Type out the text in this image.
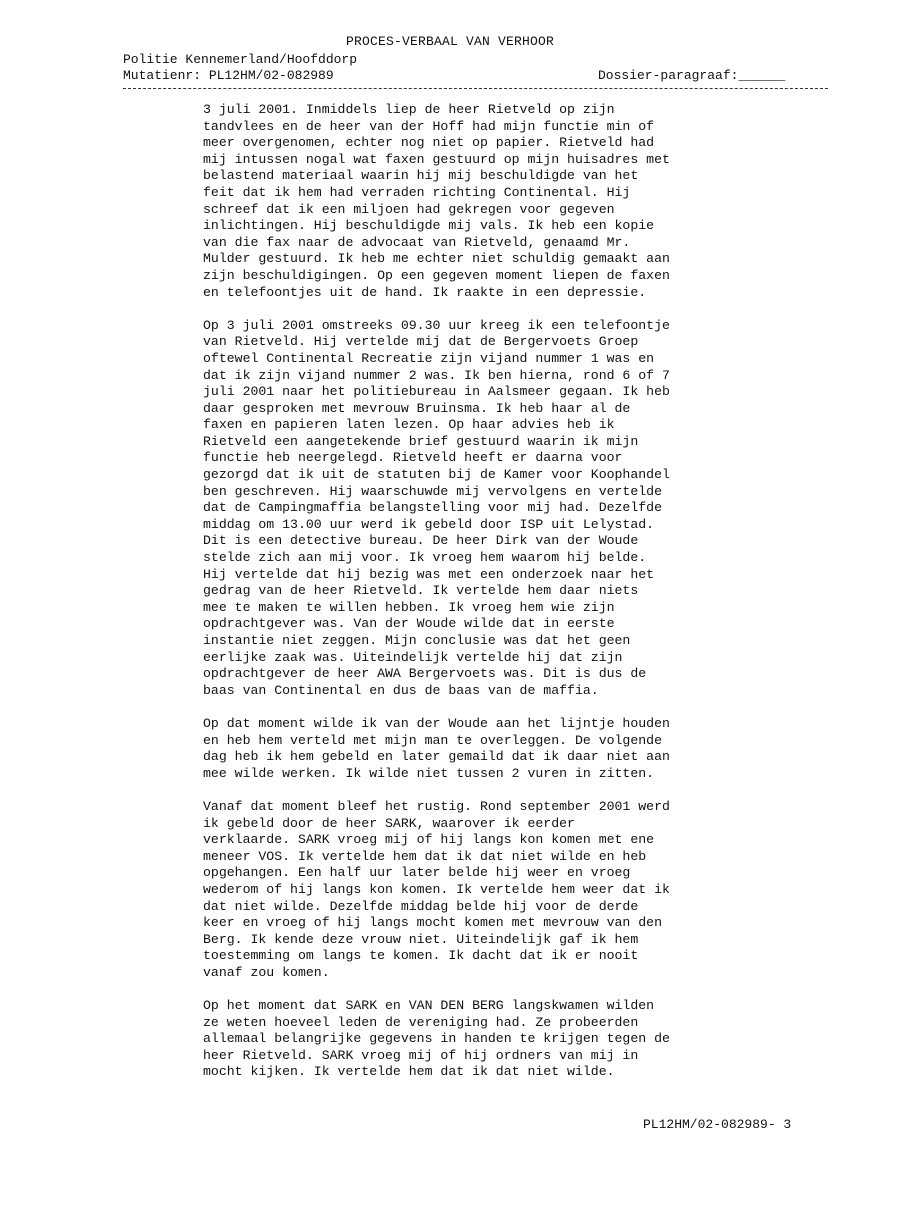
PROCES-VERBAAL VAN VERHOOR
Politie Kennemerland/Hoofddorp
Mutatienr: PL12HM/02-082989	Dossier-paragraaf:______
3 juli 2001. Inmiddels liep de heer Rietveld op zijn
tandvlees en de heer van der Hoff had mijn functie min of
meer overgenomen, echter nog niet op papier. Rietveld had
mij intussen nogal wat faxen gestuurd op mijn huisadres met
belastend materiaal waarin hij mij beschuldigde van het
feit dat ik hem had verraden richting Continental. Hij
schreef dat ik een miljoen had gekregen voor gegeven
inlichtingen. Hij beschuldigde mij vals. Ik heb een kopie
van die fax naar de advocaat van Rietveld, genaamd Mr.
Mulder gestuurd. Ik heb me echter niet schuldig gemaakt aan
zijn beschuldigingen. Op een gegeven moment liepen de faxen
en telefoontjes uit de hand. Ik raakte in een depressie.
Op 3 juli 2001 omstreeks 09.30 uur kreeg ik een telefoontje
van Rietveld. Hij vertelde mij dat de Bergervoets Groep
oftewel Continental Recreatie zijn vijand nummer 1 was en
dat ik zijn vijand nummer 2 was. Ik ben hierna, rond 6 of 7
juli 2001 naar het politiebureau in Aalsmeer gegaan. Ik heb
daar gesproken met mevrouw Bruinsma. Ik heb haar al de
faxen en papieren laten lezen. Op haar advies heb ik
Rietveld een aangetekende brief gestuurd waarin ik mijn
functie heb neergelegd. Rietveld heeft er daarna voor
gezorgd dat ik uit de statuten bij de Kamer voor Koophandel
ben geschreven. Hij waarschuwde mij vervolgens en vertelde
dat de Campingmaffia belangstelling voor mij had. Dezelfde
middag om 13.00 uur werd ik gebeld door ISP uit Lelystad.
Dit is een detective bureau. De heer Dirk van der Woude
stelde zich aan mij voor. Ik vroeg hem waarom hij belde.
Hij vertelde dat hij bezig was met een onderzoek naar het
gedrag van de heer Rietveld. Ik vertelde hem daar niets
mee te maken te willen hebben. Ik vroeg hem wie zijn
opdrachtgever was. Van der Woude wilde dat in eerste
instantie niet zeggen. Mijn conclusie was dat het geen
eerlijke zaak was. Uiteindelijk vertelde hij dat zijn
opdrachtgever de heer AWA Bergervoets was. Dit is dus de
baas van Continental en dus de baas van de maffia.
Op dat moment wilde ik van der Woude aan het lijntje houden
en heb hem verteld met mijn man te overleggen. De volgende
dag heb ik hem gebeld en later gemaild dat ik daar niet aan
mee wilde werken. Ik wilde niet tussen 2 vuren in zitten.
Vanaf dat moment bleef het rustig. Rond september 2001 werd
ik gebeld door de heer SARK, waarover ik eerder
verklaarde. SARK vroeg mij of hij langs kon komen met ene
meneer VOS. Ik vertelde hem dat ik dat niet wilde en heb
opgehangen. Een half uur later belde hij weer en vroeg
wederom of hij langs kon komen. Ik vertelde hem weer dat ik
dat niet wilde. Dezelfde middag belde hij voor de derde
keer en vroeg of hij langs mocht komen met mevrouw van den
Berg. Ik kende deze vrouw niet. Uiteindelijk gaf ik hem
toestemming om langs te komen. Ik dacht dat ik er nooit
vanaf zou komen.
Op het moment dat SARK en VAN DEN BERG langskwamen wilden
ze weten hoeveel leden de vereniging had. Ze probeerden
allemaal belangrijke gegevens in handen te krijgen tegen de
heer Rietveld. SARK vroeg mij of hij ordners van mij in
mocht kijken. Ik vertelde hem dat ik dat niet wilde.
PL12HM/02-082989- 3
